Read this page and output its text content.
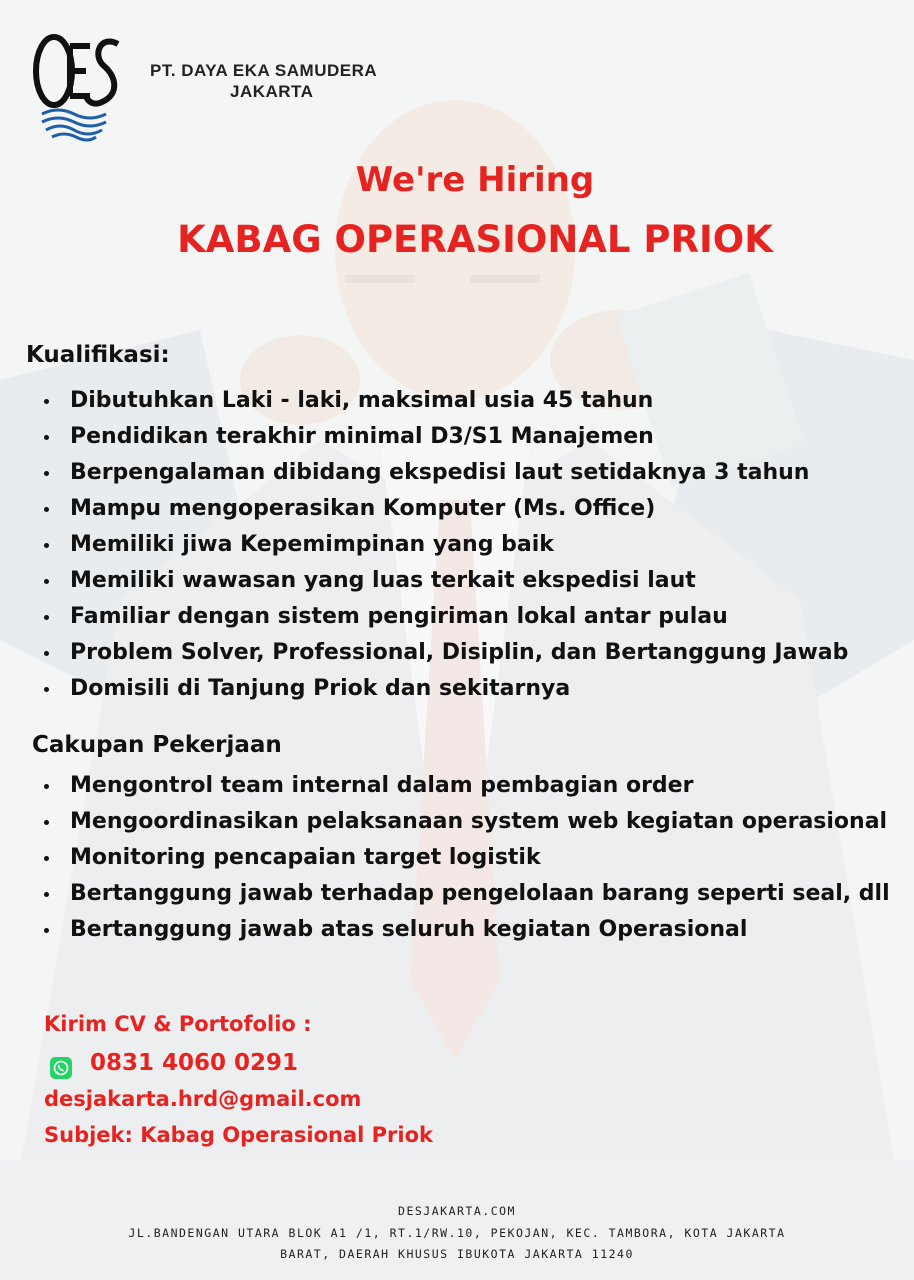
PT. DAYA EKA SAMUDERA
JAKARTA
We're Hiring
KABAG OPERASIONAL PRIOK
Kualifikasi:
Dibutuhkan Laki - laki, maksimal usia 45 tahun
Pendidikan terakhir minimal D3/S1 Manajemen
Berpengalaman dibidang ekspedisi laut setidaknya 3 tahun
Mampu mengoperasikan Komputer (Ms. Office)
Memiliki jiwa Kepemimpinan yang baik
Memiliki wawasan yang luas terkait ekspedisi laut
Familiar dengan sistem pengiriman lokal antar pulau
Problem Solver, Professional, Disiplin, dan Bertanggung Jawab
Domisili di Tanjung Priok dan sekitarnya
Cakupan Pekerjaan
Mengontrol team internal dalam pembagian order
Mengoordinasikan pelaksanaan system web kegiatan operasional
Monitoring pencapaian target logistik
Bertanggung jawab terhadap pengelolaan barang seperti seal, dll
Bertanggung jawab atas seluruh kegiatan Operasional
Kirim CV & Portofolio :
0831 4060 0291
desjakarta.hrd@gmail.com
Subjek: Kabag Operasional Priok
DESJAKARTA.COM
JL.BANDENGAN UTARA BLOK A1 /1, RT.1/RW.10, PEKOJAN, KEC. TAMBORA, KOTA JAKARTA
BARAT, DAERAH KHUSUS IBUKOTA JAKARTA 11240
